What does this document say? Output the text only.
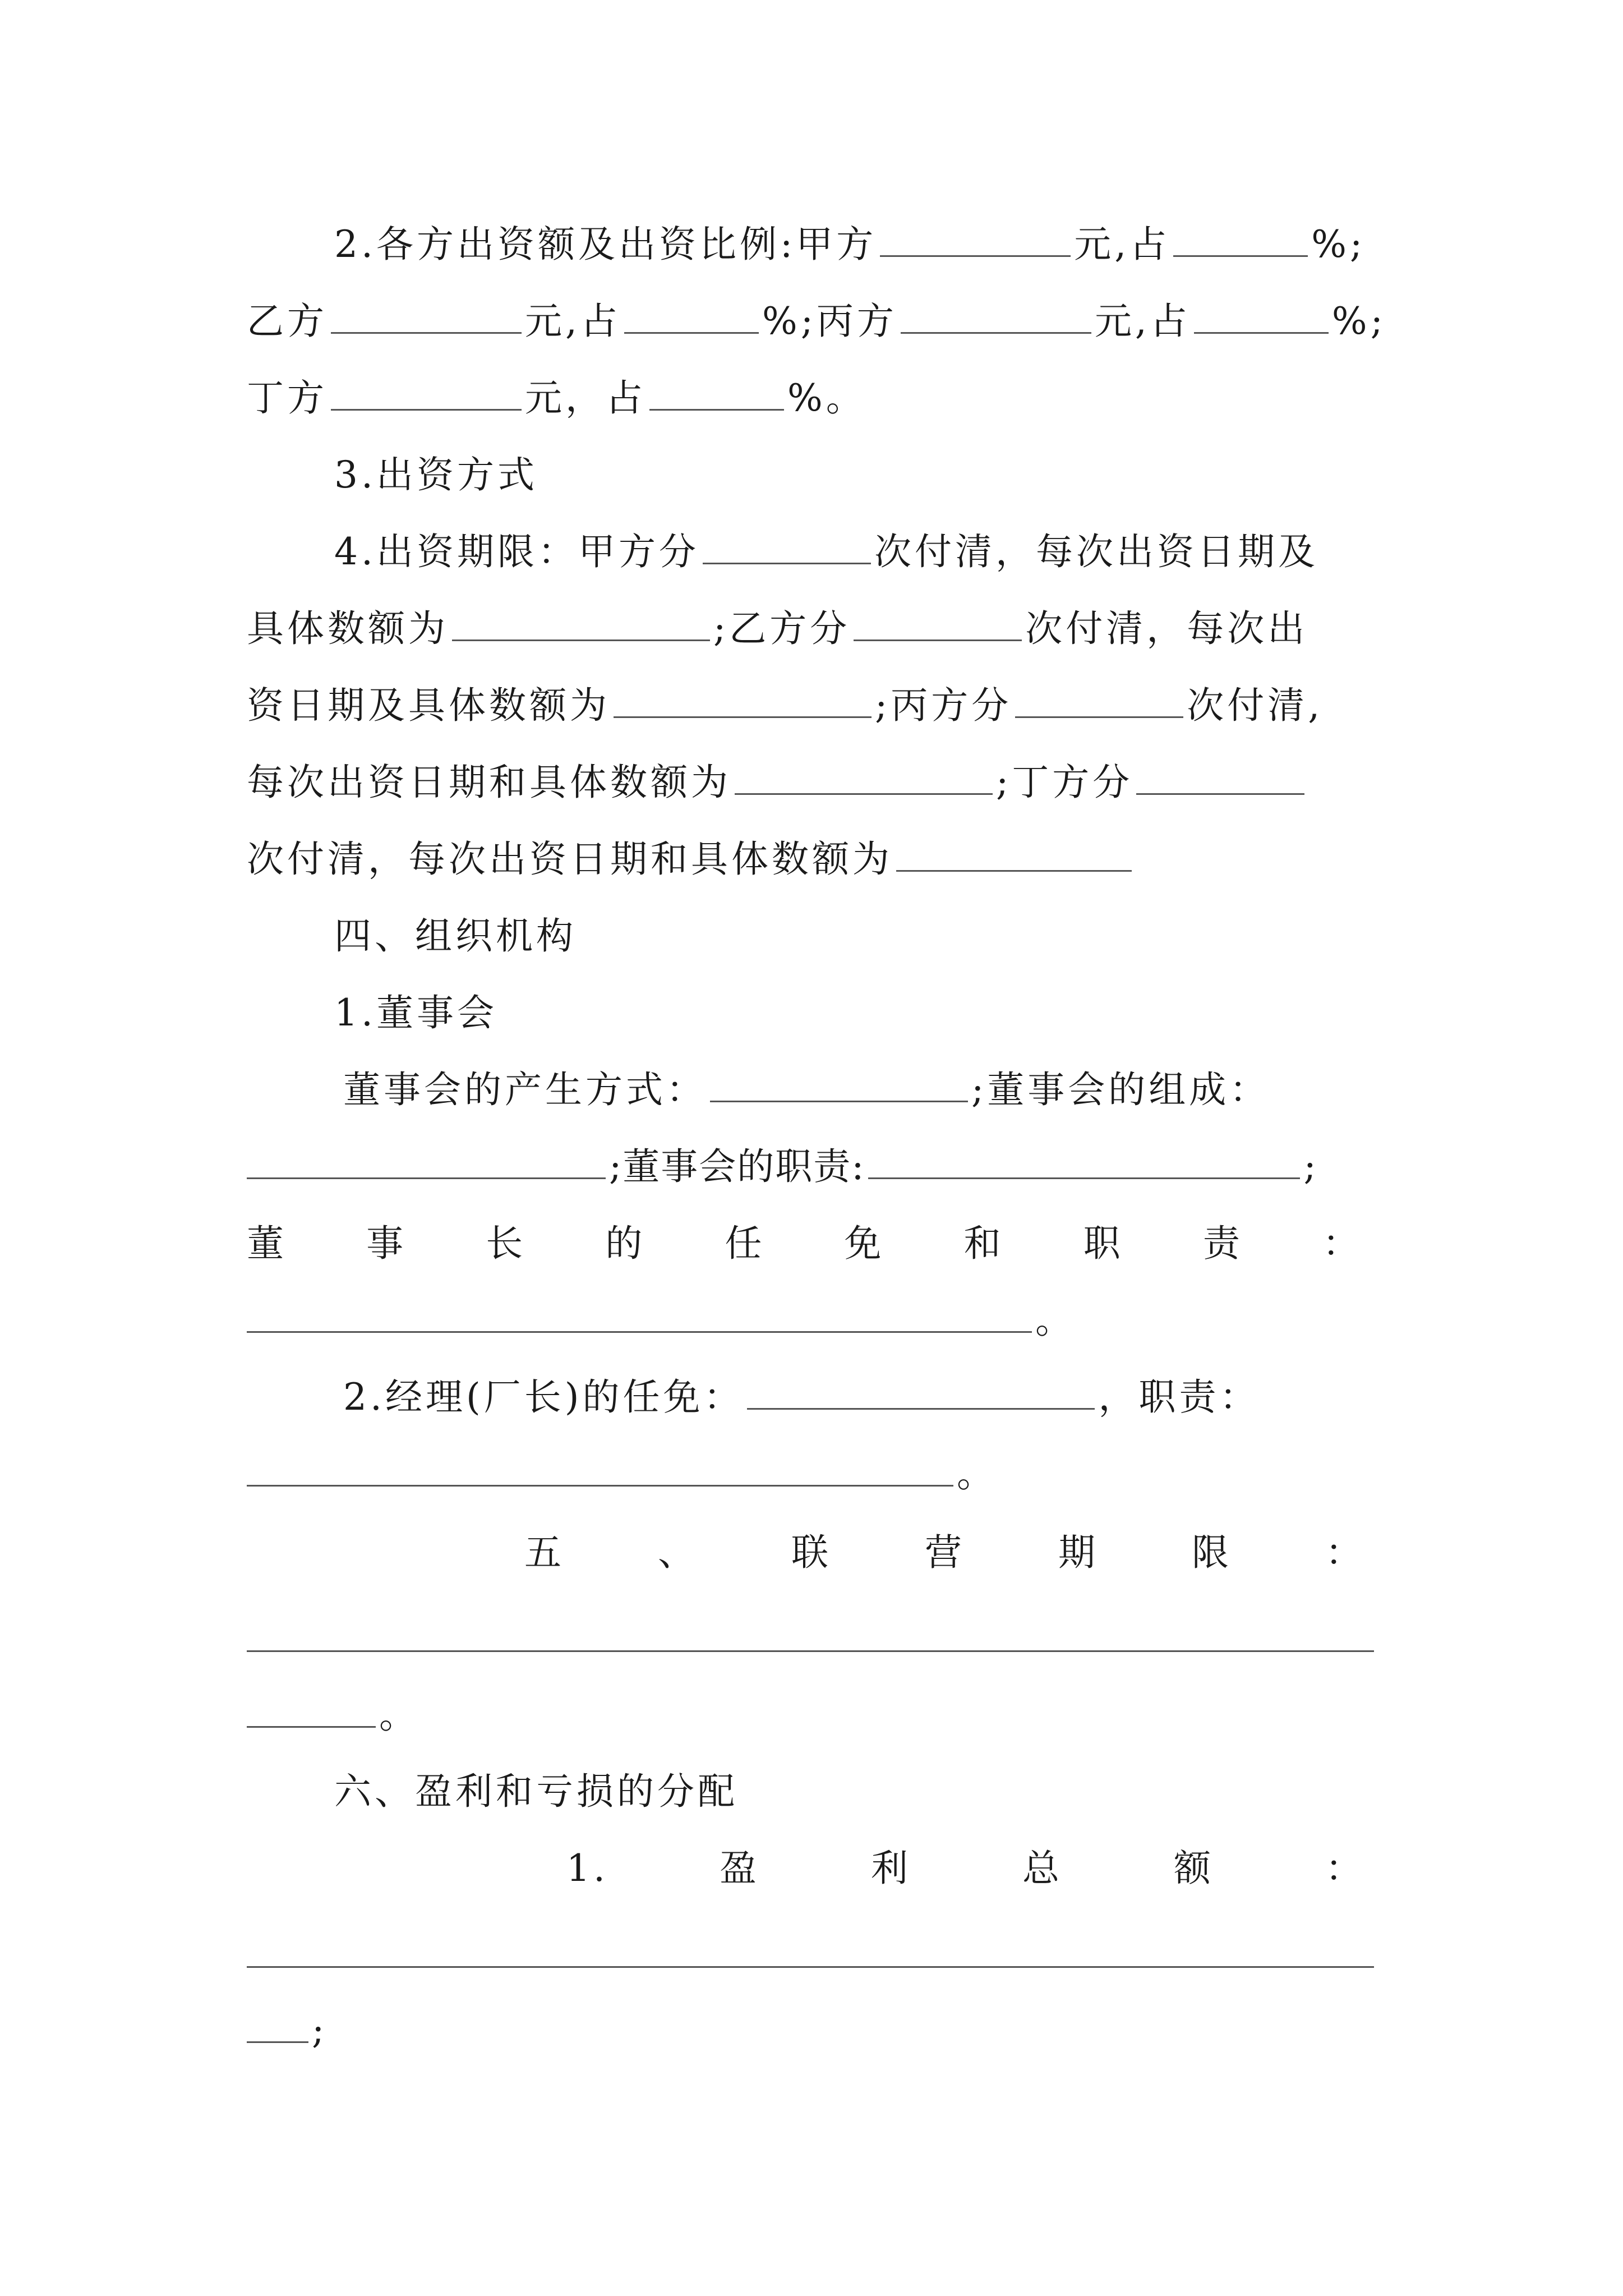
2.各方出资额及出资比例:甲方	元,占	%;
乙方	元,占	%;丙方	元,占	%;
丁方	元，占	%。
3.出资方式
4.出资期限：甲方分	次付清，每次出资日期及
具体数额为	;乙方分	次付清，每次出
资日期及具体数额为	;丙方分	次付清,
每次出资日期和具体数额为	;丁方分
次付清，每次出资日期和具体数额为
四、组织机构
1.董事会
董事会的产生方式：	;董事会的组成：
;董事会的职责:	;
董 事 长 的 任 免 和 职 责 ：
。
2.经理(厂长)的任免：	，职责：
。
五	、	联	营	期	限	：
。
六、盈利和亏损的分配
1.	盈	利	总	额	：
;
